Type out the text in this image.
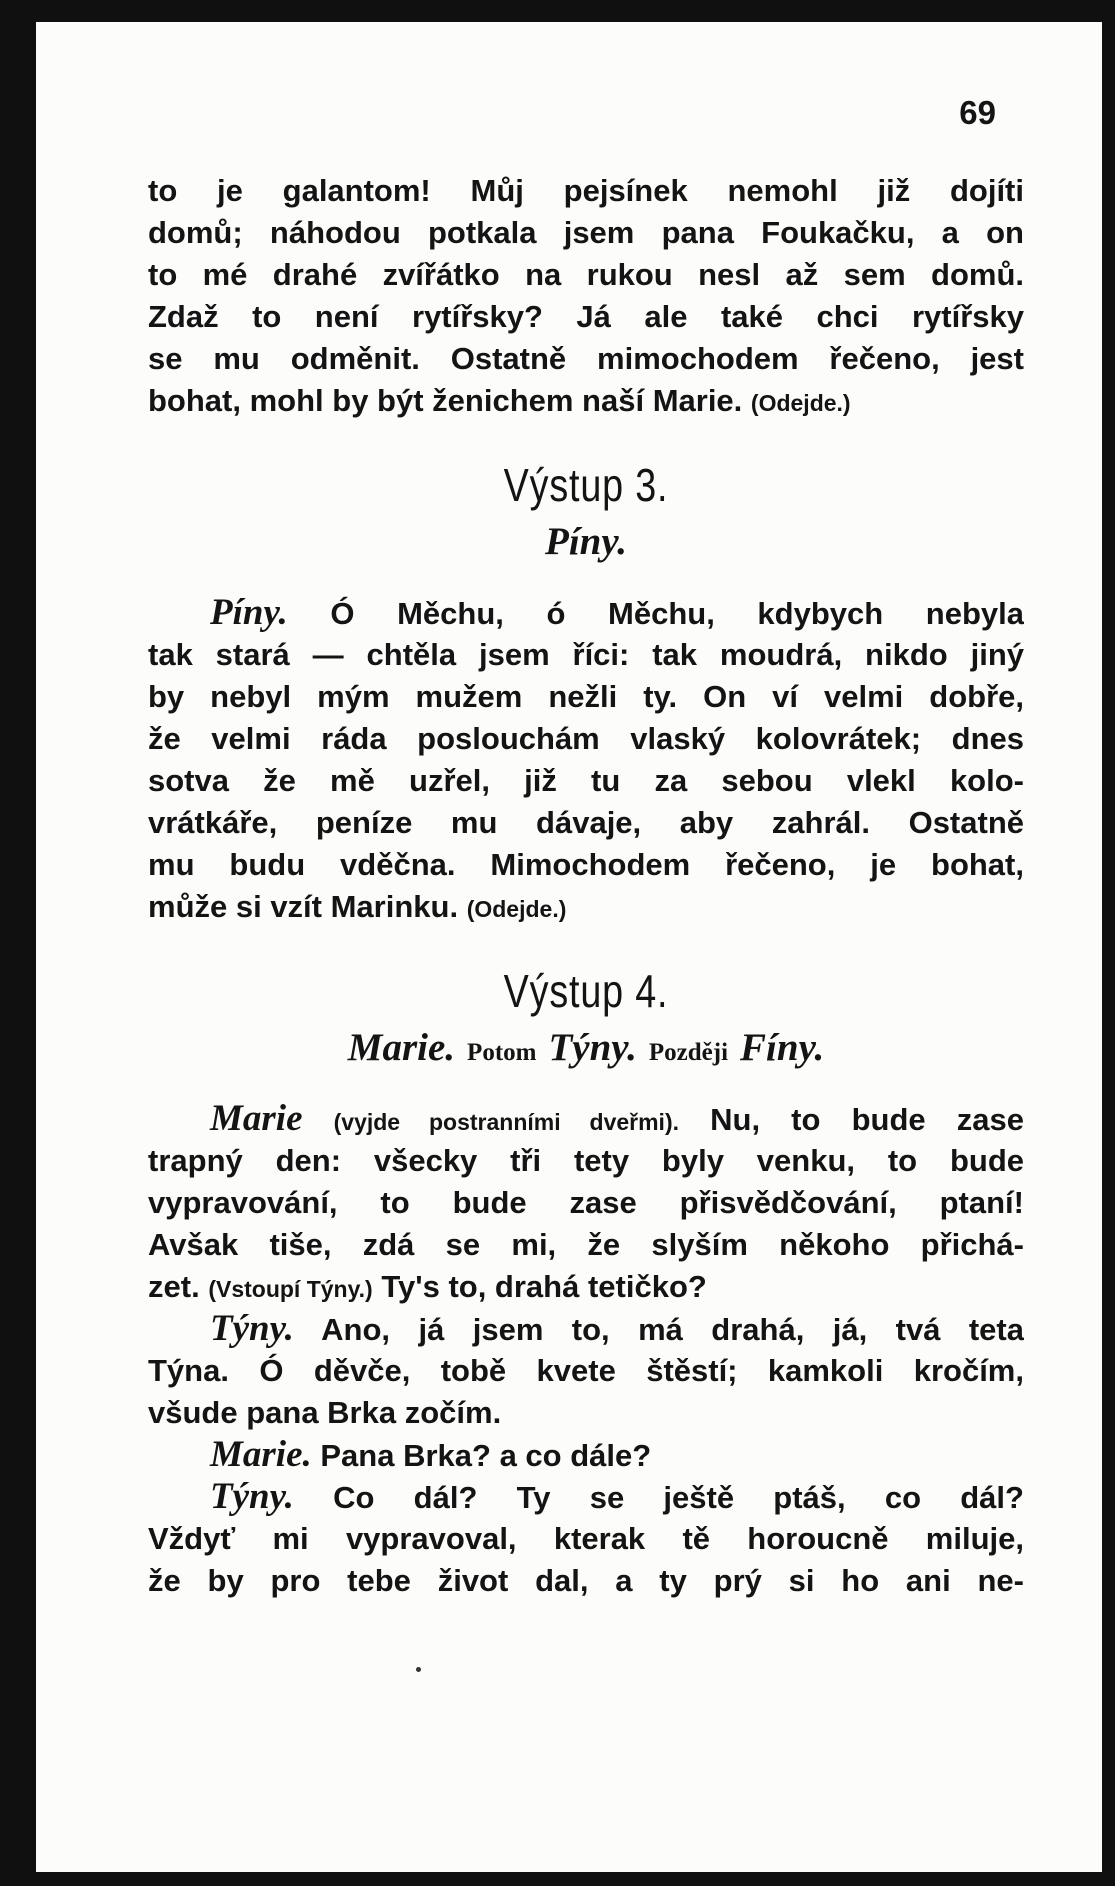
69
to je galantom! Můj pejsínek nemohl již dojíti
domů; náhodou potkala jsem pana Foukačku, a on
to mé drahé zvířátko na rukou nesl až sem domů.
Zdaž to není rytířsky? Já ale také chci rytířsky
se mu odměnit. Ostatně mimochodem řečeno, jest
bohat, mohl by být ženichem naší Marie. (Odejde.)
Výstup 3.
Píny.
Píny. Ó Měchu, ó Měchu, kdybych nebyla
tak stará — chtěla jsem říci: tak moudrá, nikdo jiný
by nebyl mým mužem nežli ty. On ví velmi dobře,
že velmi ráda poslouchám vlaský kolovrátek; dnes
sotva že mě uzřel, již tu za sebou vlekl kolo-
vrátkáře, peníze mu dávaje, aby zahrál. Ostatně
mu budu vděčna. Mimochodem řečeno, je bohat,
může si vzít Marinku. (Odejde.)
Výstup 4.
Marie. Potom Týny. Později Fíny.
Marie (vyjde postranními dveřmi). Nu, to bude zase
trapný den: všecky tři tety byly venku, to bude
vypravování, to bude zase přisvědčování, ptaní!
Avšak tiše, zdá se mi, že slyším někoho přichá-
zet. (Vstoupí Týny.) Ty's to, drahá tetičko?
Týny. Ano, já jsem to, má drahá, já, tvá teta
Týna. Ó děvče, tobě kvete štěstí; kamkoli kročím,
všude pana Brka zočím.
Marie. Pana Brka? a co dále?
Týny. Co dál? Ty se ještě ptáš, co dál?
Vždyť mi vypravoval, kterak tě horoucně miluje,
že by pro tebe život dal, a ty prý si ho ani ne-
